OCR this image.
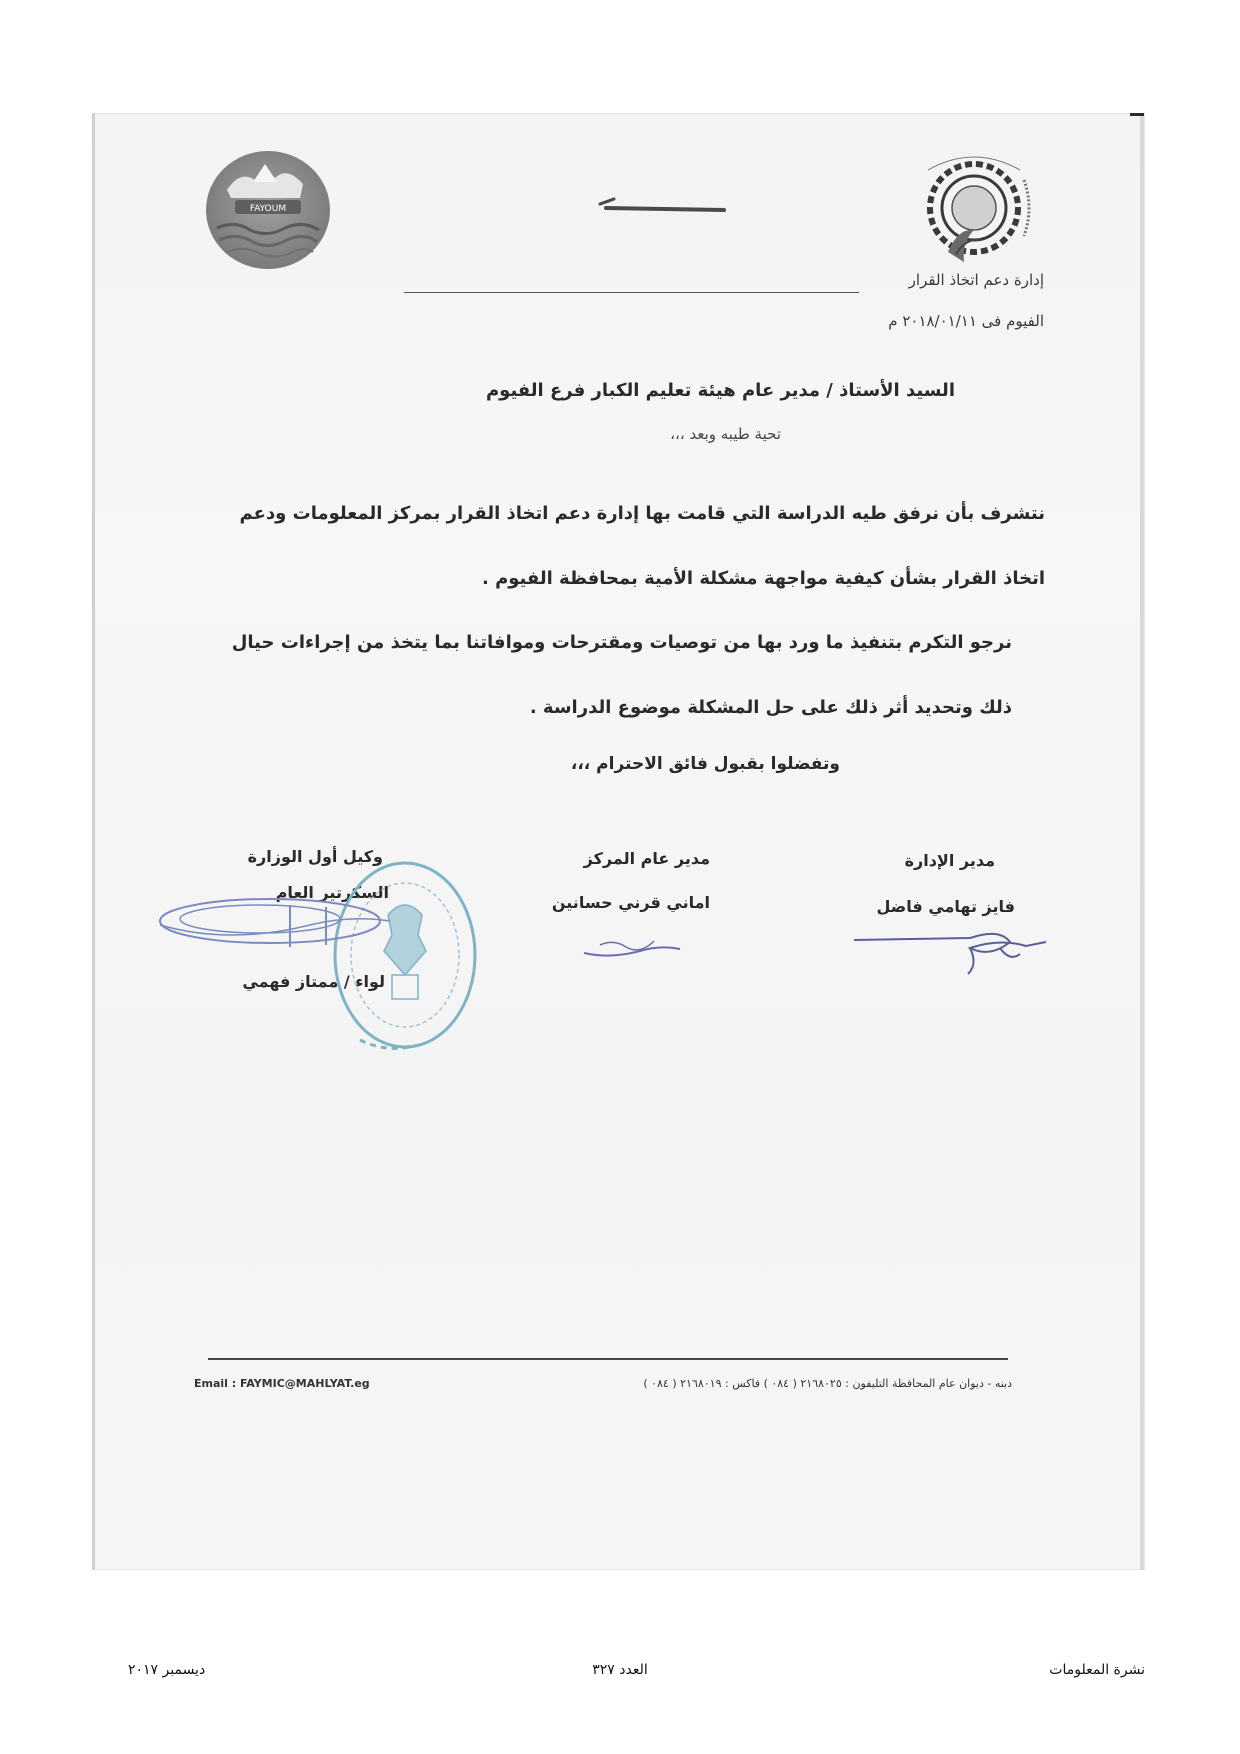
FAYOUM
إدارة دعم اتخاذ القرار
الفيوم فى ٢٠١٨/٠١/١١ م
السيد الأستاذ / مدير عام هيئة تعليم الكبار فرع الفيوم
تحية طيبه وبعد ،،،
نتشرف بأن نرفق طيه الدراسة التي قامت بها إدارة دعم اتخاذ القرار بمركز المعلومات ودعم
اتخاذ القرار بشأن كيفية مواجهة مشكلة الأمية بمحافظة الفيوم .
نرجو التكرم بتنفيذ ما ورد بها من توصيات ومقترحات وموافاتنا بما يتخذ من إجراءات حيال
ذلك وتحديد أثر ذلك على حل المشكلة موضوع الدراسة .
وتفضلوا بقبول فائق الاحترام ،،،
مدير الإدارة
فايز تهامي فاضل
مدير عام المركز
اماني قرني حسانين
وكيل أول الوزارة
السكرتير العام
لواء / ممتاز فهمي
دبنه - ديوان عام المحافظة التليفون : ٢١٦٨٠٢٥ ( ٠٨٤ ) فاكس : ٢١٦٨٠١٩ ( ٠٨٤ )
Email : FAYMIC@MAHLYAT.eg
نشرة المعلومات
العدد ٣٢٧
ديسمبر ٢٠١٧
